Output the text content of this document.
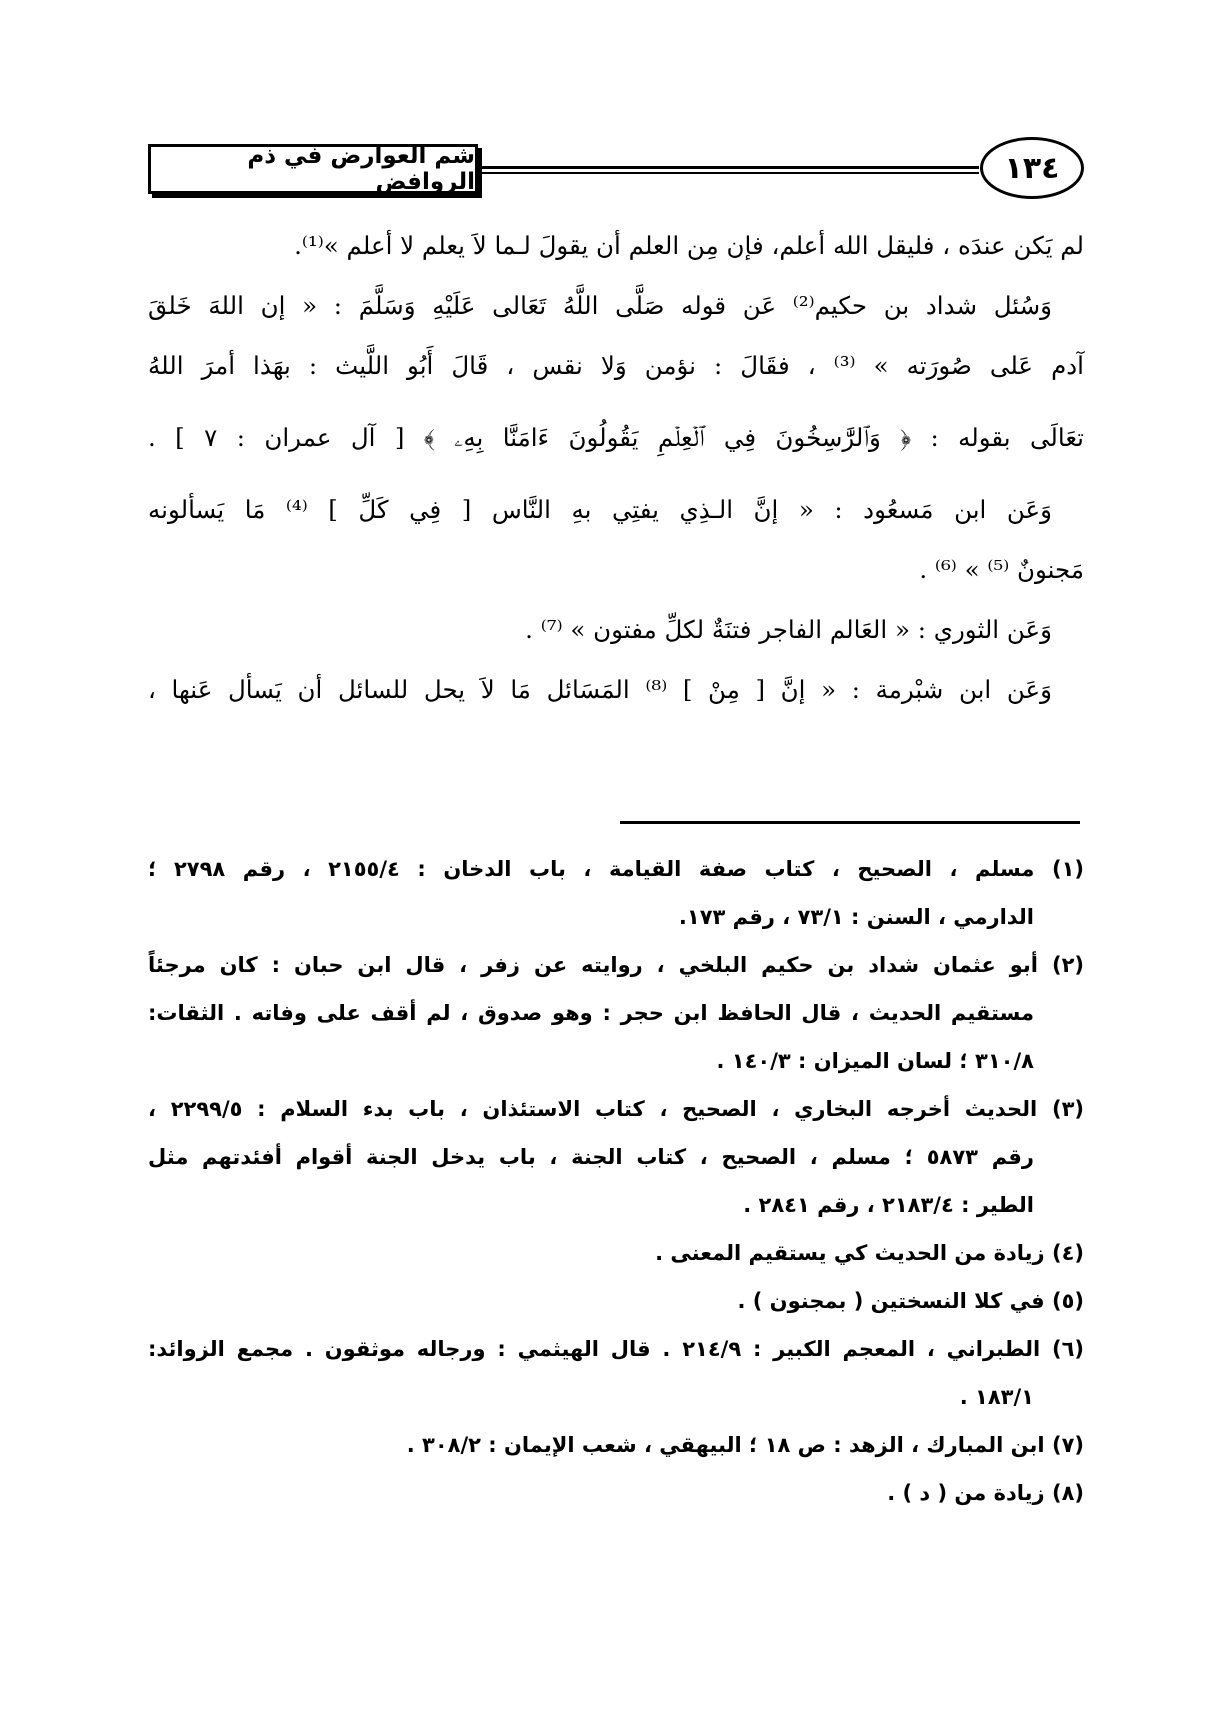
شم العوارض في ذم الروافض	١٣٤
لم يَكن عندَه ، فليقل الله أعلم، فإن مِن العلم أن يقولَ لـما لاَ يعلم لا أعلم »⁽¹⁾.
وَسُئل شداد بن حكيم⁽²⁾ عَن قوله صَلَّى اللَّهُ تَعَالى عَلَيْهِ وَسَلَّمَ : « إن اللهَ خَلقَ
آدم عَلى صُورَته » ⁽³⁾ ، فقَالَ : نؤمن وَلا نقس ، قَالَ أَبُو اللَّيث : بهَذا أمرَ اللهُ
تعَالَى بقوله : ﴿ وَٱلرَّٰسِخُونَ فِي ٱلۡعِلۡمِ يَقُولُونَ ءَامَنَّا بِهِۦ ﴾ [ آل عمران : ٧ ] .
وَعَن ابن مَسعُود : « إنَّ الـذِي يفتِي بهِ النَّاس [ فِي كَلِّ ] ⁽⁴⁾ مَا يَسألونه
مَجنونٌ ⁽⁵⁾ » ⁽⁶⁾ .
وَعَن الثوري : « العَالم الفاجر فتنَةٌ لكلِّ مفتون » ⁽⁷⁾ .
وَعَن ابن شبْرمة : « إنَّ [ مِنْ ] ⁽⁸⁾ المَسَائل مَا لاَ يحل للسائل أن يَسأل عَنها ،
(١) مسلم ، الصحيح ، كتاب صفة القيامة ، باب الدخان : ٢١٥٥/٤ ، رقم ٢٧٩٨ ؛
الدارمي ، السنن : ٧٣/١ ، رقم ١٧٣.
(٢) أبو عثمان شداد بن حكيم البلخي ، روايته عن زفر ، قال ابن حبان : كان مرجئاً
مستقيم الحديث ، قال الحافظ ابن حجر : وهو صدوق ، لم أقف على وفاته . الثقات:
٣١٠/٨ ؛ لسان الميزان : ١٤٠/٣ .
(٣) الحديث أخرجه البخاري ، الصحيح ، كتاب الاستئذان ، باب بدء السلام : ٢٢٩٩/٥ ،
رقم ٥٨٧٣ ؛ مسلم ، الصحيح ، كتاب الجنة ، باب يدخل الجنة أقوام أفئدتهم مثل
الطير : ٢١٨٣/٤ ، رقم ٢٨٤١ .
(٤) زيادة من الحديث كي يستقيم المعنى .
(٥) في كلا النسختين ( بمجنون ) .
(٦) الطبراني ، المعجم الكبير : ٢١٤/٩ . قال الهيثمي : ورجاله موثقون . مجمع الزوائد:
١٨٣/١ .
(٧) ابن المبارك ، الزهد : ص ١٨ ؛ البيهقي ، شعب الإيمان : ٣٠٨/٢ .
(٨) زيادة من ( د ) .
